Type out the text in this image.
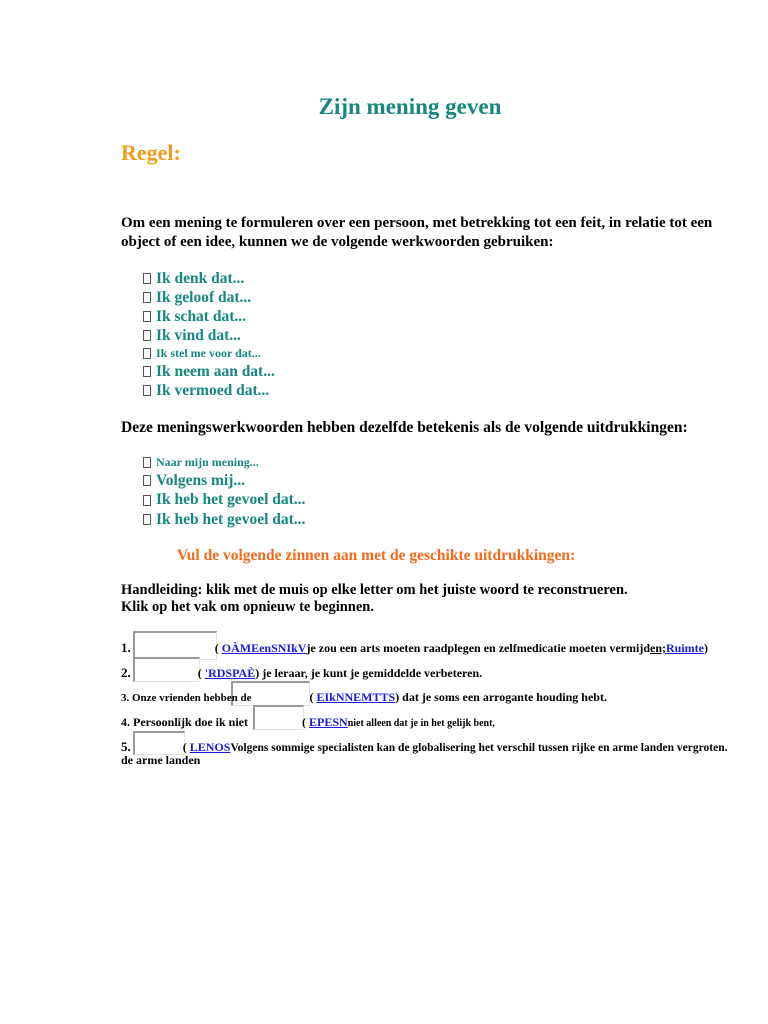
Zijn mening geven
Regel:
Om een mening te formuleren over een persoon, met betrekking tot een feit, in relatie tot een object of een idee, kunnen we de volgende werkwoorden gebruiken:
Ik denk dat...
Ik geloof dat...
Ik schat dat...
Ik vind dat...
Ik stel me voor dat...
Ik neem aan dat...
Ik vermoed dat...
Deze meningswerkwoorden hebben dezelfde betekenis als de volgende uitdrukkingen:
Naar mijn mening...
Volgens mij...
Ik heb het gevoel dat...
Ik heb het gevoel dat...
Vul de volgende zinnen aan met de geschikte uitdrukkingen:
Handleiding: klik met de muis op elke letter om het juiste woord te reconstrueren.
Klik op het vak om opnieuw te beginnen.
1.	( OÀMEenSNIkVje zou een arts moeten raadplegen en zelfmedicatie moeten vermijden;Ruimte)
2.	( 'RDSPAÈ) je leraar, je kunt je gemiddelde verbeteren.
3. Onze vrienden hebben de	( EIkNNEMTTS) dat je soms een arrogante houding hebt.
4. Persoonlijk doe ik niet	( EPESNniet alleen dat je in het gelijk bent,
5.	( LENOSVolgens sommige specialisten kan de globalisering het verschil tussen rijke en arme landen vergroten.
de arme landen
